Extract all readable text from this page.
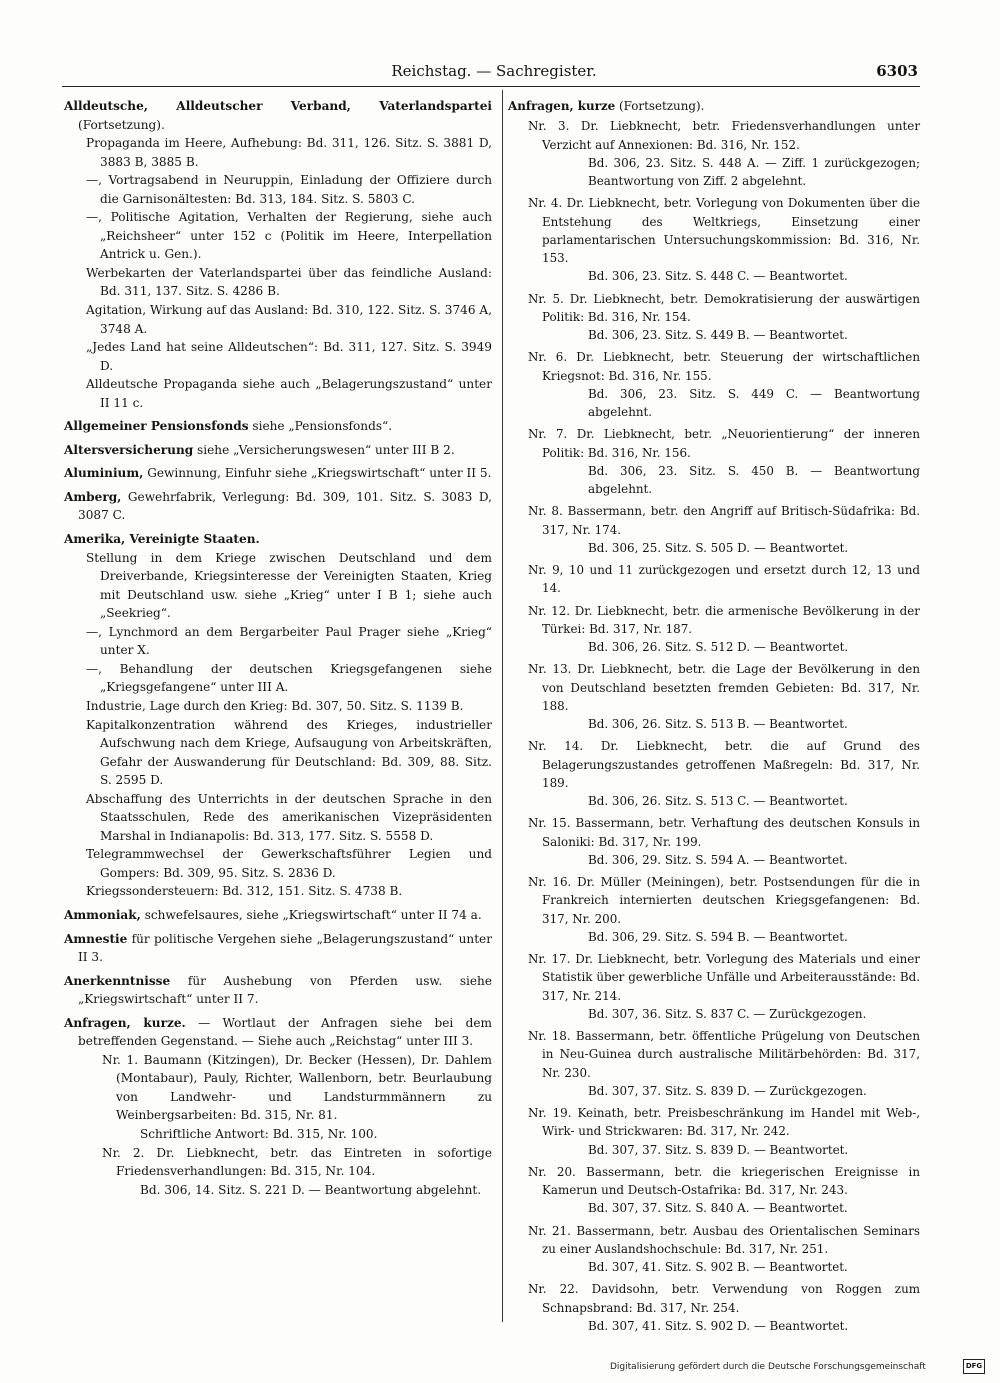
Reichstag. — Sachregister.	6303
Alldeutsche, Alldeutscher Verband, Vaterlandspartei (Fortsetzung).
Propaganda im Heere, Aufhebung: Bd. 311, 126. Sitz. S. 3881 D, 3883 B, 3885 B.
—, Vortragsabend in Neuruppin, Einladung der Offiziere durch die Garnisonältesten: Bd. 313, 184. Sitz. S. 5803 C.
—, Politische Agitation, Verhalten der Regierung, siehe auch „Reichsheer“ unter 152 c (Politik im Heere, Interpellation Antrick u. Gen.).
Werbekarten der Vaterlandspartei über das feindliche Ausland: Bd. 311, 137. Sitz. S. 4286 B.
Agitation, Wirkung auf das Ausland: Bd. 310, 122. Sitz. S. 3746 A, 3748 A.
„Jedes Land hat seine Alldeutschen“: Bd. 311, 127. Sitz. S. 3949 D.
Alldeutsche Propaganda siehe auch „Belagerungszustand“ unter II 11 c.
Allgemeiner Pensionsfonds siehe „Pensionsfonds“.
Altersversicherung siehe „Versicherungswesen“ unter III B 2.
Aluminium, Gewinnung, Einfuhr siehe „Kriegswirtschaft“ unter II 5.
Amberg, Gewehrfabrik, Verlegung: Bd. 309, 101. Sitz. S. 3083 D, 3087 C.
Amerika, Vereinigte Staaten.
Stellung in dem Kriege zwischen Deutschland und dem Dreiverbande, Kriegsinteresse der Vereinigten Staaten, Krieg mit Deutschland usw. siehe „Krieg“ unter I B 1; siehe auch „Seekrieg“.
—, Lynchmord an dem Bergarbeiter Paul Prager siehe „Krieg“ unter X.
—, Behandlung der deutschen Kriegsgefangenen siehe „Kriegsgefangene“ unter III A.
Industrie, Lage durch den Krieg: Bd. 307, 50. Sitz. S. 1139 B.
Kapitalkonzentration während des Krieges, industrieller Aufschwung nach dem Kriege, Aufsaugung von Arbeitskräften, Gefahr der Auswanderung für Deutschland: Bd. 309, 88. Sitz. S. 2595 D.
Abschaffung des Unterrichts in der deutschen Sprache in den Staatsschulen, Rede des amerikanischen Vizepräsidenten Marshal in Indianapolis: Bd. 313, 177. Sitz. S. 5558 D.
Telegrammwechsel der Gewerkschaftsführer Legien und Gompers: Bd. 309, 95. Sitz. S. 2836 D.
Kriegssondersteuern: Bd. 312, 151. Sitz. S. 4738 B.
Ammoniak, schwefelsaures, siehe „Kriegswirtschaft“ unter II 74 a.
Amnestie für politische Vergehen siehe „Belagerungszustand“ unter II 3.
Anerkenntnisse für Aushebung von Pferden usw. siehe „Kriegswirtschaft“ unter II 7.
Anfragen, kurze. — Wortlaut der Anfragen siehe bei dem betreffenden Gegenstand. — Siehe auch „Reichstag“ unter III 3.
Nr. 1. Baumann (Kitzingen), Dr. Becker (Hessen), Dr. Dahlem (Montabaur), Pauly, Richter, Wallenborn, betr. Beurlaubung von Landwehr- und Landsturmmännern zu Weinbergsarbeiten: Bd. 315, Nr. 81.
Schriftliche Antwort: Bd. 315, Nr. 100.
Nr. 2. Dr. Liebknecht, betr. das Eintreten in sofortige Friedensverhandlungen: Bd. 315, Nr. 104.
Bd. 306, 14. Sitz. S. 221 D. — Beantwortung abgelehnt.
Anfragen, kurze (Fortsetzung).
Nr. 3. Dr. Liebknecht, betr. Friedensverhandlungen unter Verzicht auf Annexionen: Bd. 316, Nr. 152.
Bd. 306, 23. Sitz. S. 448 A. — Ziff. 1 zurückgezogen; Beantwortung von Ziff. 2 abgelehnt.
Nr. 4. Dr. Liebknecht, betr. Vorlegung von Dokumenten über die Entstehung des Weltkriegs, Einsetzung einer parlamentarischen Untersuchungskommission: Bd. 316, Nr. 153.
Bd. 306, 23. Sitz. S. 448 C. — Beantwortet.
Nr. 5. Dr. Liebknecht, betr. Demokratisierung der auswärtigen Politik: Bd. 316, Nr. 154.
Bd. 306, 23. Sitz. S. 449 B. — Beantwortet.
Nr. 6. Dr. Liebknecht, betr. Steuerung der wirtschaftlichen Kriegsnot: Bd. 316, Nr. 155.
Bd. 306, 23. Sitz. S. 449 C. — Beantwortung abgelehnt.
Nr. 7. Dr. Liebknecht, betr. „Neuorientierung“ der inneren Politik: Bd. 316, Nr. 156.
Bd. 306, 23. Sitz. S. 450 B. — Beantwortung abgelehnt.
Nr. 8. Bassermann, betr. den Angriff auf Britisch-Südafrika: Bd. 317, Nr. 174.
Bd. 306, 25. Sitz. S. 505 D. — Beantwortet.
Nr. 9, 10 und 11 zurückgezogen und ersetzt durch 12, 13 und 14.
Nr. 12. Dr. Liebknecht, betr. die armenische Bevölkerung in der Türkei: Bd. 317, Nr. 187.
Bd. 306, 26. Sitz. S. 512 D. — Beantwortet.
Nr. 13. Dr. Liebknecht, betr. die Lage der Bevölkerung in den von Deutschland besetzten fremden Gebieten: Bd. 317, Nr. 188.
Bd. 306, 26. Sitz. S. 513 B. — Beantwortet.
Nr. 14. Dr. Liebknecht, betr. die auf Grund des Belagerungszustandes getroffenen Maßregeln: Bd. 317, Nr. 189.
Bd. 306, 26. Sitz. S. 513 C. — Beantwortet.
Nr. 15. Bassermann, betr. Verhaftung des deutschen Konsuls in Saloniki: Bd. 317, Nr. 199.
Bd. 306, 29. Sitz. S. 594 A. — Beantwortet.
Nr. 16. Dr. Müller (Meiningen), betr. Postsendungen für die in Frankreich internierten deutschen Kriegsgefangenen: Bd. 317, Nr. 200.
Bd. 306, 29. Sitz. S. 594 B. — Beantwortet.
Nr. 17. Dr. Liebknecht, betr. Vorlegung des Materials und einer Statistik über gewerbliche Unfälle und Arbeiterausstände: Bd. 317, Nr. 214.
Bd. 307, 36. Sitz. S. 837 C. — Zurückgezogen.
Nr. 18. Bassermann, betr. öffentliche Prügelung von Deutschen in Neu-Guinea durch australische Militärbehörden: Bd. 317, Nr. 230.
Bd. 307, 37. Sitz. S. 839 D. — Zurückgezogen.
Nr. 19. Keinath, betr. Preisbeschränkung im Handel mit Web-, Wirk- und Strickwaren: Bd. 317, Nr. 242.
Bd. 307, 37. Sitz. S. 839 D. — Beantwortet.
Nr. 20. Bassermann, betr. die kriegerischen Ereignisse in Kamerun und Deutsch-Ostafrika: Bd. 317, Nr. 243.
Bd. 307, 37. Sitz. S. 840 A. — Beantwortet.
Nr. 21. Bassermann, betr. Ausbau des Orientalischen Seminars zu einer Auslandshochschule: Bd. 317, Nr. 251.
Bd. 307, 41. Sitz. S. 902 B. — Beantwortet.
Nr. 22. Davidsohn, betr. Verwendung von Roggen zum Schnapsbrand: Bd. 317, Nr. 254.
Bd. 307, 41. Sitz. S. 902 D. — Beantwortet.
Digitalisierung gefördert durch die Deutsche Forschungsgemeinschaft	DFG
